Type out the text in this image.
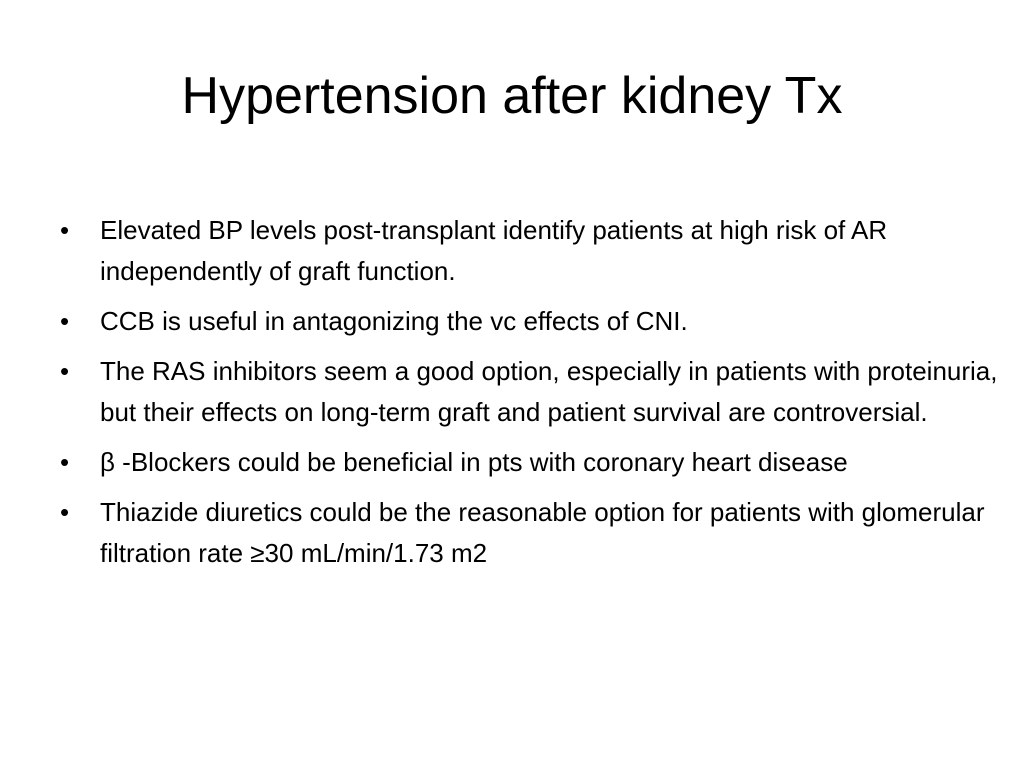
Hypertension after kidney Tx
•	Elevated BP levels post-transplant identify patients at high risk of AR independently of graft function.
•	CCB is useful in antagonizing the vc effects of CNI.
•	The RAS inhibitors seem a good option, especially in patients with proteinuria, but their effects on long-term graft and patient survival are controversial.
•	β -Blockers could be beneficial in pts with coronary heart disease
•	Thiazide diuretics could be the reasonable option for patients with glomerular filtration rate ≥30 mL/min/1.73 m2
